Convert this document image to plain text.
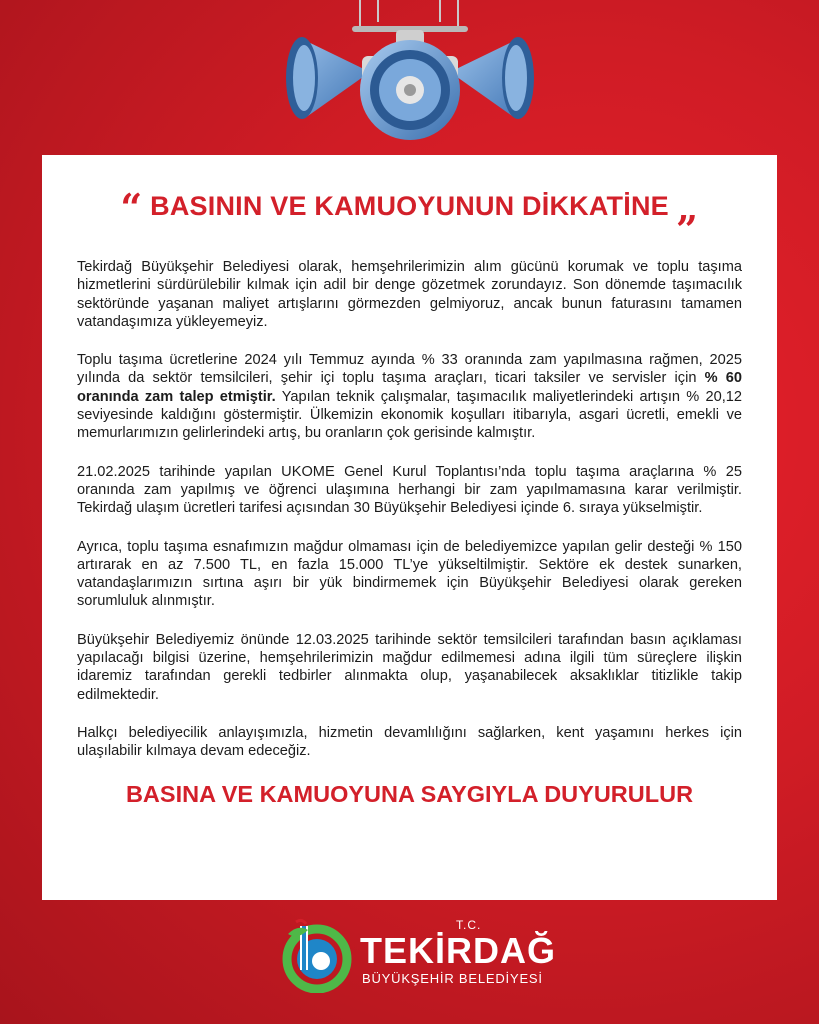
“ BASININ VE KAMUOYUNUN DİKKATİNE „

Tekirdağ Büyükşehir Belediyesi olarak, hemşehrilerimizin alım gücünü korumak ve toplu taşıma hizmetlerini sürdürülebilir kılmak için adil bir denge gözetmek zorundayız. Son dönemde taşımacılık sektöründe yaşanan maliyet artışlarını görmezden gelmiyoruz, ancak bunun faturasını tamamen vatandaşımıza yükleyemeyiz.

Toplu taşıma ücretlerine 2024 yılı Temmuz ayında % 33 oranında zam yapılmasına rağmen, 2025 yılında da sektör temsilcileri, şehir içi toplu taşıma araçları, ticari taksiler ve servisler için % 60 oranında zam talep etmiştir. Yapılan teknik çalışmalar, taşımacılık maliyetlerindeki artışın % 20,12 seviyesinde kaldığını göstermiştir. Ülkemizin ekonomik koşulları itibarıyla, asgari ücretli, emekli ve memurlarımızın gelirlerindeki artış, bu oranların çok gerisinde kalmıştır.

21.02.2025 tarihinde yapılan UKOME Genel Kurul Toplantısı’nda toplu taşıma araçlarına % 25 oranında zam yapılmış ve öğrenci ulaşımına herhangi bir zam yapılmamasına karar verilmiştir. Tekirdağ ulaşım ücretleri tarifesi açısından 30 Büyükşehir Belediyesi içinde 6. sıraya yükselmiştir.

Ayrıca, toplu taşıma esnafımızın mağdur olmaması için de belediyemizce yapılan gelir desteği % 150 artırarak en az 7.500 TL, en fazla 15.000 TL’ye yükseltilmiştir. Sektöre ek destek sunarken, vatandaşlarımızın sırtına aşırı bir yük bindirmemek için Büyükşehir Belediyesi olarak gereken sorumluluk alınmıştır.

Büyükşehir Belediyemiz önünde 12.03.2025 tarihinde sektör temsilcileri tarafından basın açıklaması yapılacağı bilgisi üzerine, hemşehrilerimizin mağdur edilmemesi adına ilgili tüm süreçlere ilişkin idaremiz tarafından gerekli tedbirler alınmakta olup, yaşanabilecek aksaklıklar titizlikle takip edilmektedir.

Halkçı belediyecilik anlayışımızla, hizmetin devamlılığını sağlarken, kent yaşamını herkes için ulaşılabilir kılmaya devam edeceğiz.

BASINA VE KAMUOYUNA SAYGIYLA DUYURULUR
T.C.
TEKİRDAĞ
BÜYÜKŞEHİR BELEDİYESİ
